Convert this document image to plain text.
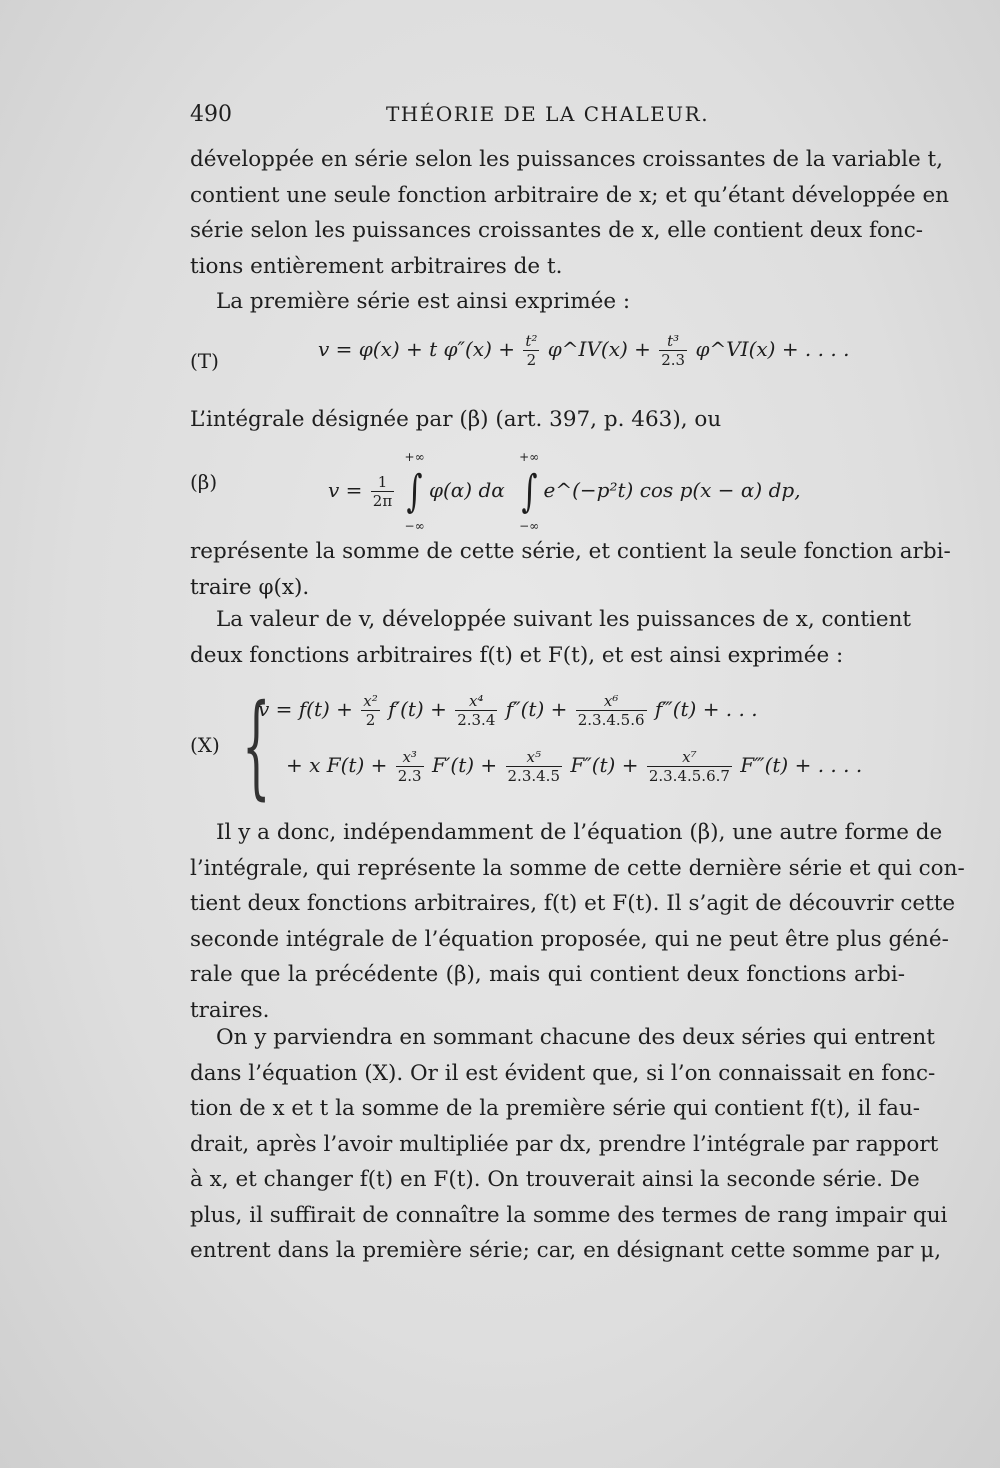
490	THÉORIE DE LA CHALEUR.

développée en série selon les puissances croissantes de la variable t,
contient une seule fonction arbitraire de x; et qu’étant développée en
série selon les puissances croissantes de x, elle contient deux fonc-
tions entièrement arbitraires de t.

La première série est ainsi exprimée :

(T)	v = φ(x) + t $\varphi''(x) + \frac{\text{t²}}{2}$ φ^IV(x) + $\frac{\text{t³}}{2.3}$ φ^VI(x) + . . . .

L’intégrale désignée par (β) (art. 397, p. 463), ou

(β)	$v = \frac{1}{2\pi}$

+∞
∫
−∞
φ(α) dα
+∞
∫
−∞
e^(−p²t) cos p(x − α) dp,

représente la somme de cette série, et contient la seule fonction arbi-
traire φ(x).

La valeur de v, développée suivant les puissances de x, contient
deux fonctions arbitraires f(t) et F(t), et est ainsi exprimée :

(X) {
$v = f(t) + \frac{\text{x²}}{2} f'(t) + \frac{\text{x⁴}}{2.3.4} f''(t) + \frac{\text{x⁶}}{2.3.4.5.6}$ f‴(t) + . . .
+ x $F(t) + \frac{\text{x³}}{2.3} F'(t) + \frac{\text{x⁵}}{2.3.4.5} F''(t) + \frac{\text{x⁷}}{2.3.4.5.6.7}$ F‴(t) + . . . .

Il y a donc, indépendamment de l’équation (β), une autre forme de
l’intégrale, qui représente la somme de cette dernière série et qui con-
tient deux fonctions arbitraires, f(t) et F(t). Il s’agit de découvrir cette
seconde intégrale de l’équation proposée, qui ne peut être plus géné-
rale que la précédente (β), mais qui contient deux fonctions arbi-
traires.

On y parviendra en sommant chacune des deux séries qui entrent
dans l’équation (X). Or il est évident que, si l’on connaissait en fonc-
tion de x et t la somme de la première série qui contient f(t), il fau-
drait, après l’avoir multipliée par dx, prendre l’intégrale par rapport
à x, et changer f(t) en F(t). On trouverait ainsi la seconde série. De
plus, il suffirait de connaître la somme des termes de rang impair qui
entrent dans la première série; car, en désignant cette somme par μ,
